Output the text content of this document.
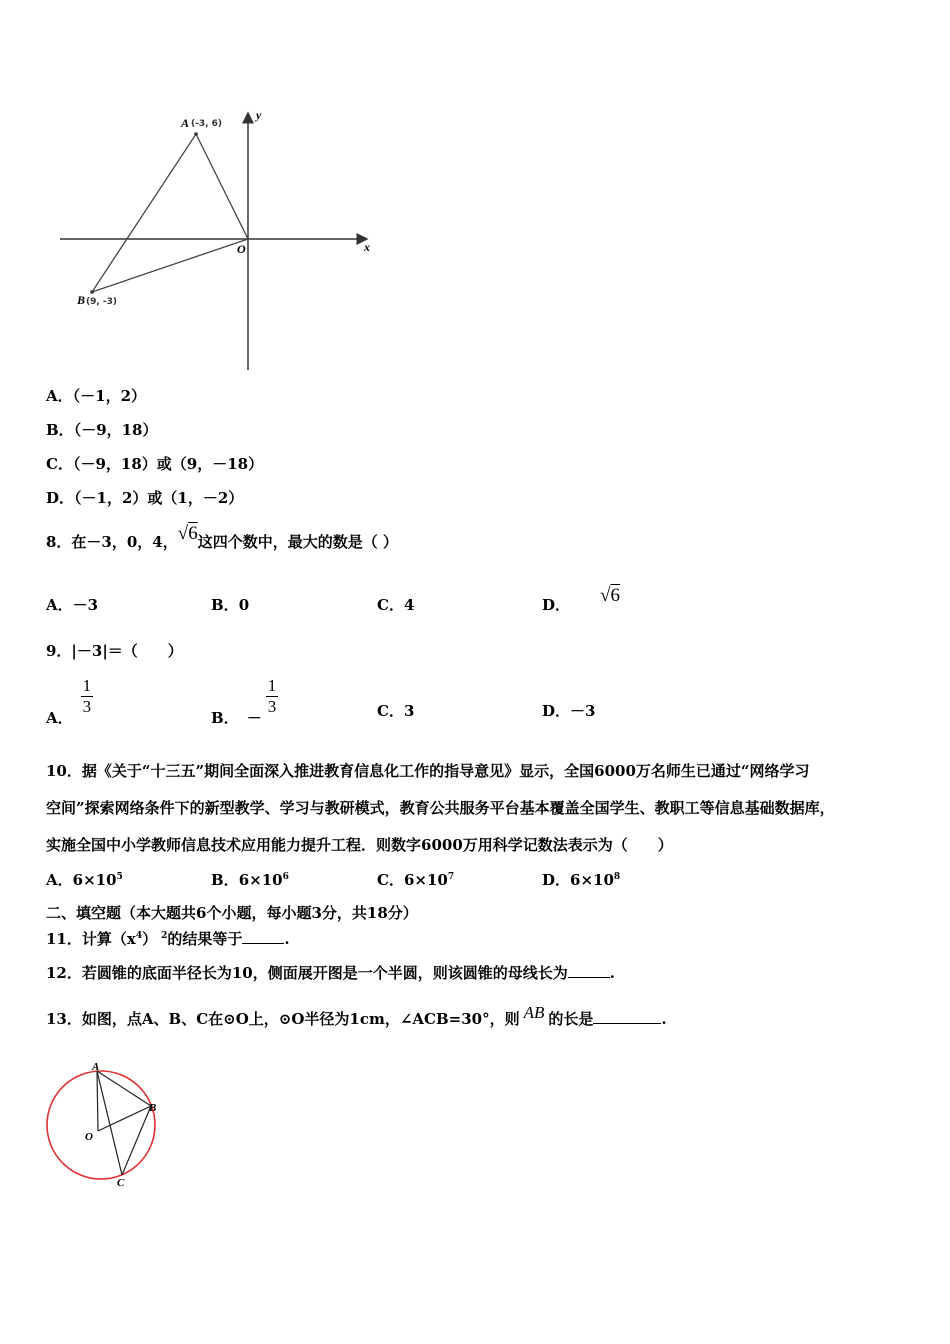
A (-3, 6)
B (9, -3)
O	x
y
A．（－1，2）
B．（－9，18）
C．（－9，18）或（9，－18）
D．（－1，2）或（1，－2）
8．在－3，0，4，√6这四个数中，最大的数是（ ）
A．－3	B．0	C．4	D． √6
9．|－3|＝（　　）
A．
$\frac{1}{3}$
B． －
$\frac{1}{3}$	C．3	D．－3
10．据《关于“十三五”期间全面深入推进教育信息化工作的指导意见》显示，全国6000万名师生已通过“网络学习
空间”探索网络条件下的新型教学、学习与教研模式，教育公共服务平台基本覆盖全国学生、教职工等信息基础数据库，
实施全国中小学教师信息技术应用能力提升工程．则数字6000万用科学记数法表示为（　　）
A．$6\times 10^5$	B．$6\times 10^6$	C．$6\times 10^7$	D．$6\times 10^8$
二、填空题（本大题共6个小题，每小题3分，共18分）
11．计算$(x^4)$ $^2$的结果等于	.
12．若圆锥的底面半径长为10，侧面展开图是一个半圆，则该圆锥的母线长为	.
13．如图，点A、B、C在⊙O上，⊙O半径为1cm，∠ACB=30°，则 AB 的长是	.
A
B
C
O
